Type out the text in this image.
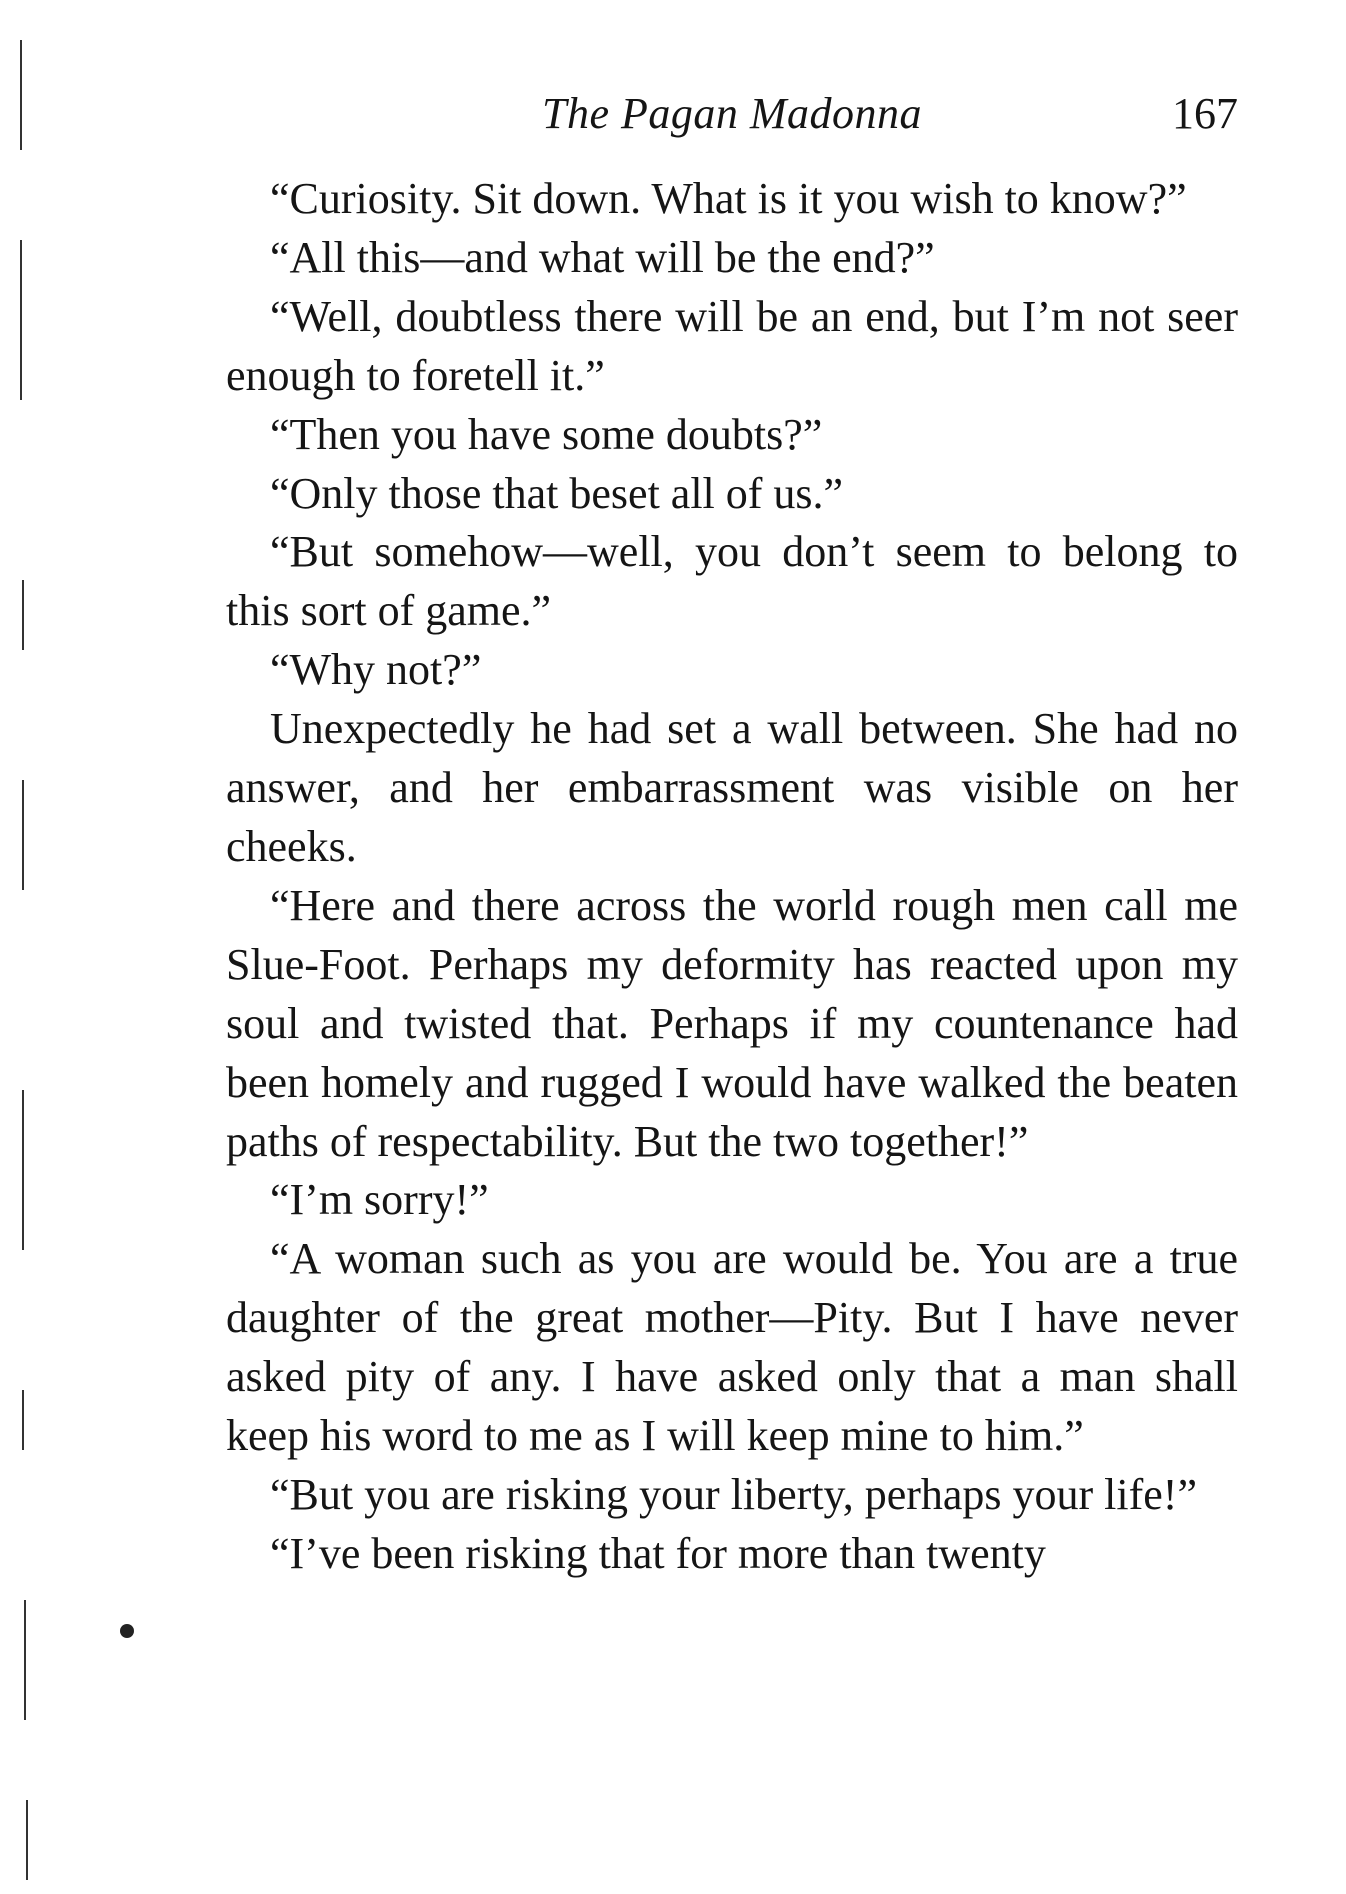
The Pagan Madonna	167

“Curiosity. Sit down. What is it you wish to know?”

“All this—and what will be the end?”

“Well, doubtless there will be an end, but I’m not seer enough to foretell it.”

“Then you have some doubts?”

“Only those that beset all of us.”

“But somehow—well, you don’t seem to belong to this sort of game.”

“Why not?”

Unexpectedly he had set a wall between. She had no answer, and her embarrassment was visible on her cheeks.

“Here and there across the world rough men call me Slue-Foot. Perhaps my deformity has reacted upon my soul and twisted that. Perhaps if my countenance had been homely and rugged I would have walked the beaten paths of respectability. But the two together!”

“I’m sorry!”

“A woman such as you are would be. You are a true daughter of the great mother—Pity. But I have never asked pity of any. I have asked only that a man shall keep his word to me as I will keep mine to him.”

“But you are risking your liberty, perhaps your life!”

“I’ve been risking that for more than twenty
